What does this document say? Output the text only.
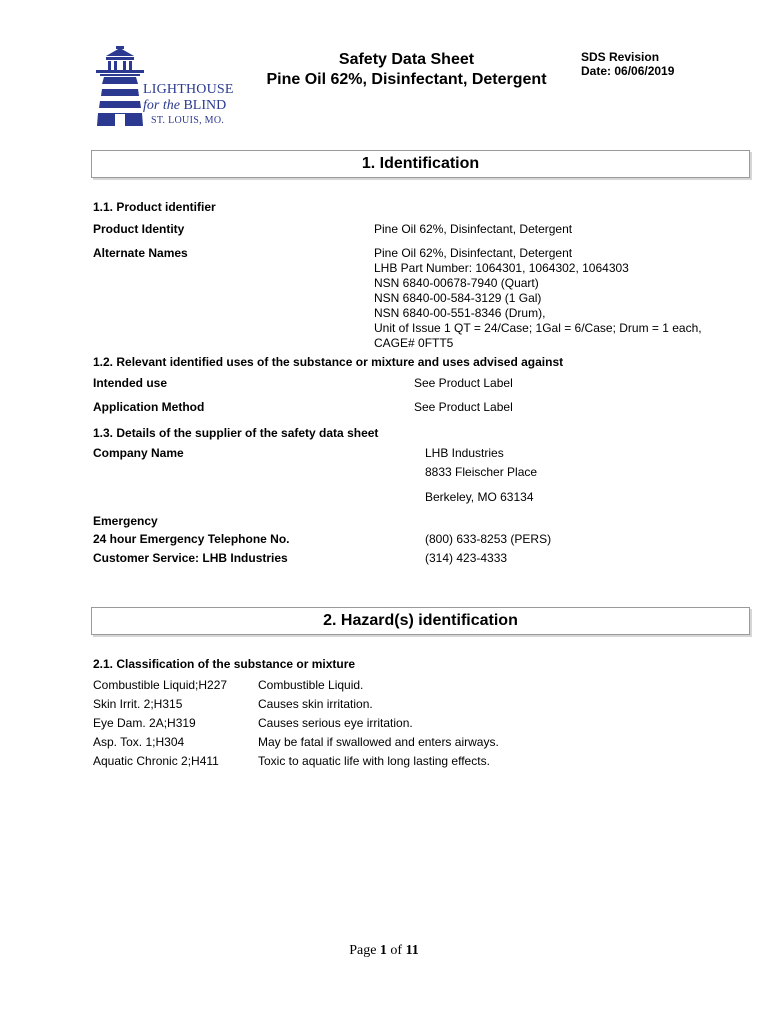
LIGHTHOUSE
for the BLIND
ST. LOUIS, MO.
Safety Data Sheet
Pine Oil 62%, Disinfectant, Detergent
SDS Revision
Date: 06/06/2019
1. Identification
1.1. Product identifier
Product Identity	Pine Oil 62%, Disinfectant, Detergent
Alternate Names	Pine Oil 62%, Disinfectant, Detergent
LHB Part Number: 1064301, 1064302, 1064303
NSN 6840-00678-7940 (Quart)
NSN 6840-00-584-3129 (1 Gal)
NSN 6840-00-551-8346 (Drum),
Unit of Issue 1 QT = 24/Case; 1Gal = 6/Case; Drum = 1 each,
CAGE# 0FTT5
1.2. Relevant identified uses of the substance or mixture and uses advised against
Intended use	See Product Label
Application Method	See Product Label
1.3. Details of the supplier of the safety data sheet
Company Name	LHB Industries
8833 Fleischer Place
Berkeley, MO 63134
Emergency
24 hour Emergency Telephone No.	(800) 633-8253 (PERS)
Customer Service: LHB Industries	(314) 423-4333
2. Hazard(s) identification
2.1. Classification of the substance or mixture
Combustible Liquid;H227	Combustible Liquid.
Skin Irrit. 2;H315	Causes skin irritation.
Eye Dam. 2A;H319	Causes serious eye irritation.
Asp. Tox. 1;H304	May be fatal if swallowed and enters airways.
Aquatic Chronic 2;H411	Toxic to aquatic life with long lasting effects.
Page 1 of 11
